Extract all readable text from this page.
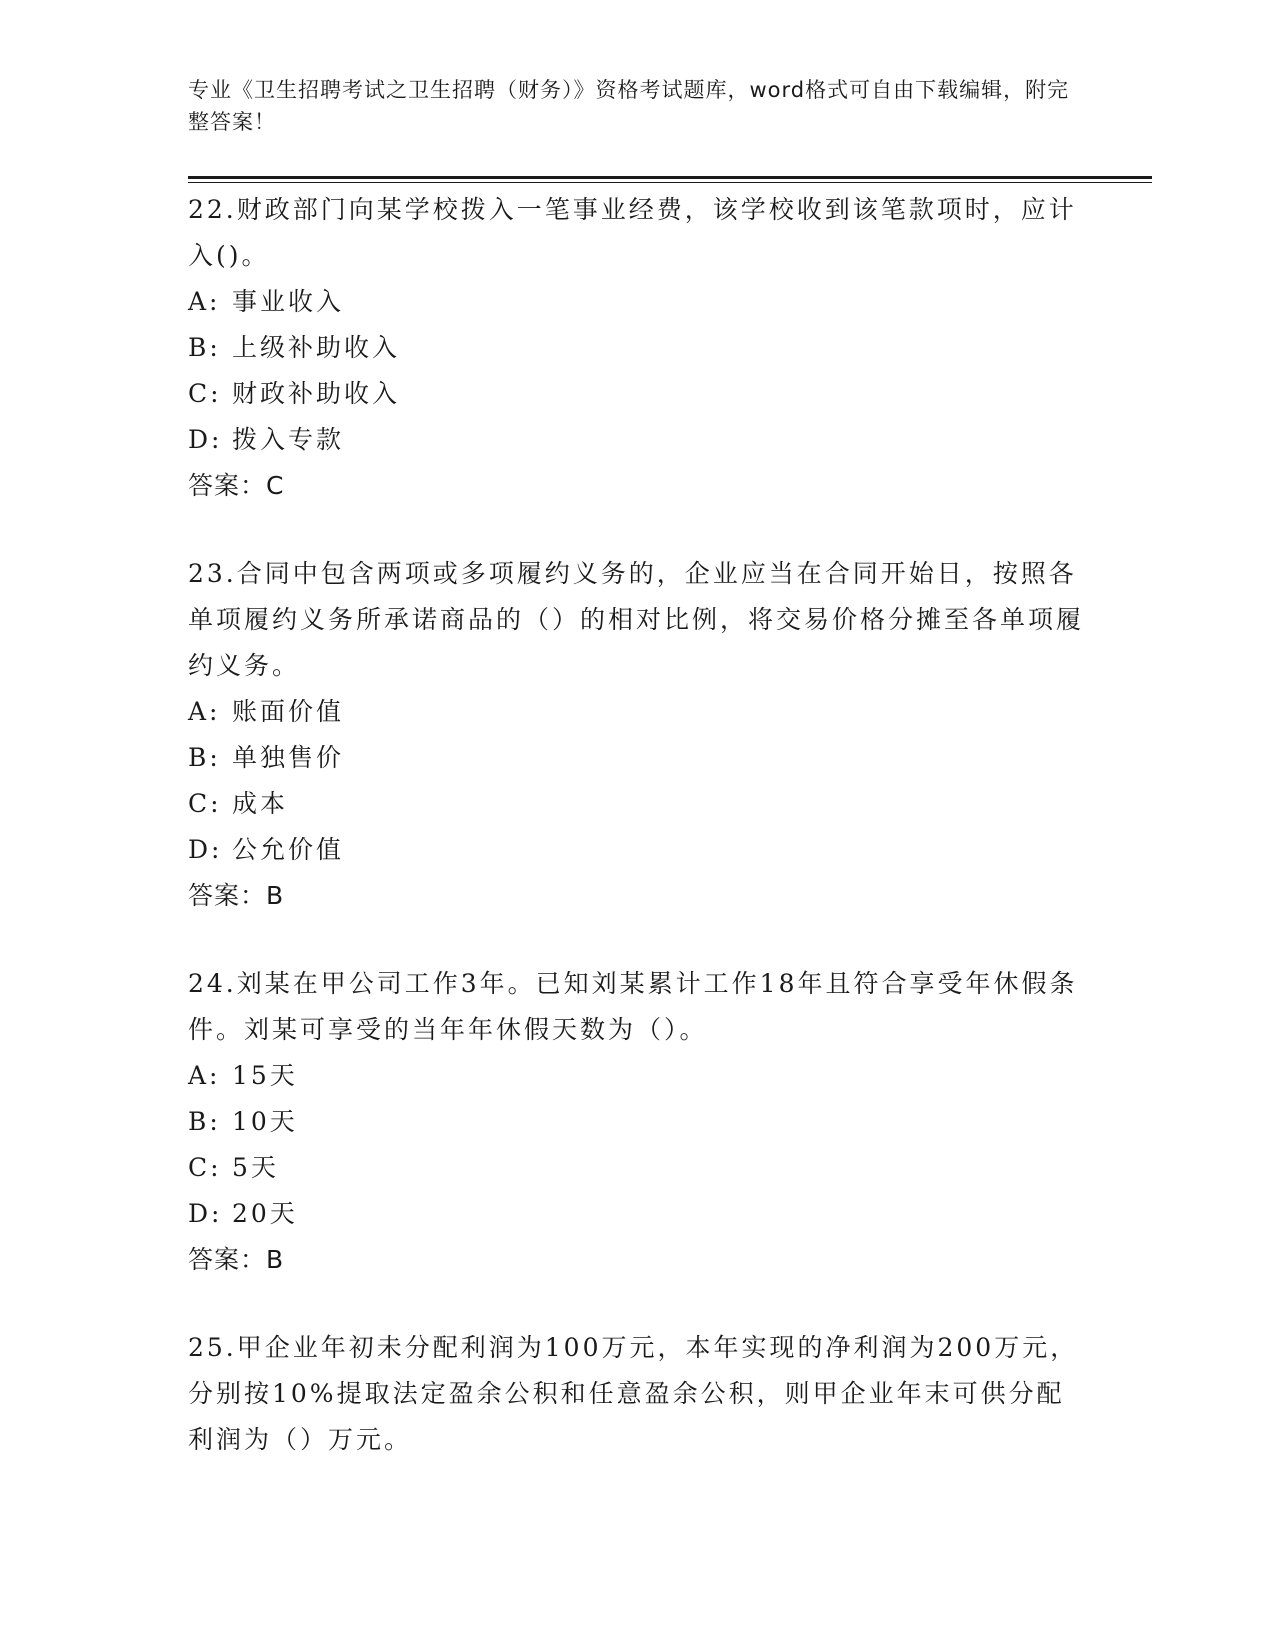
专业《卫生招聘考试之卫生招聘（财务）》资格考试题库，word格式可自由下载编辑，附完整答案！

22.财政部门向某学校拨入一笔事业经费，该学校收到该笔款项时，应计入()。

A: 事业收入
B: 上级补助收入
C: 财政补助收入
D: 拨入专款
答案：C

23.合同中包含两项或多项履约义务的，企业应当在合同开始日，按照各单项履约义务所承诺商品的（）的相对比例，将交易价格分摊至各单项履约义务。

A: 账面价值
B: 单独售价
C: 成本
D: 公允价值
答案：B

24.刘某在甲公司工作3年。已知刘某累计工作18年且符合享受年休假条件。刘某可享受的当年年休假天数为（）。

A: 15天
B: 10天
C: 5天
D: 20天
答案：B

25.甲企业年初未分配利润为100万元，本年实现的净利润为200万元，分别按10%提取法定盈余公积和任意盈余公积，则甲企业年末可供分配利润为（）万元。
